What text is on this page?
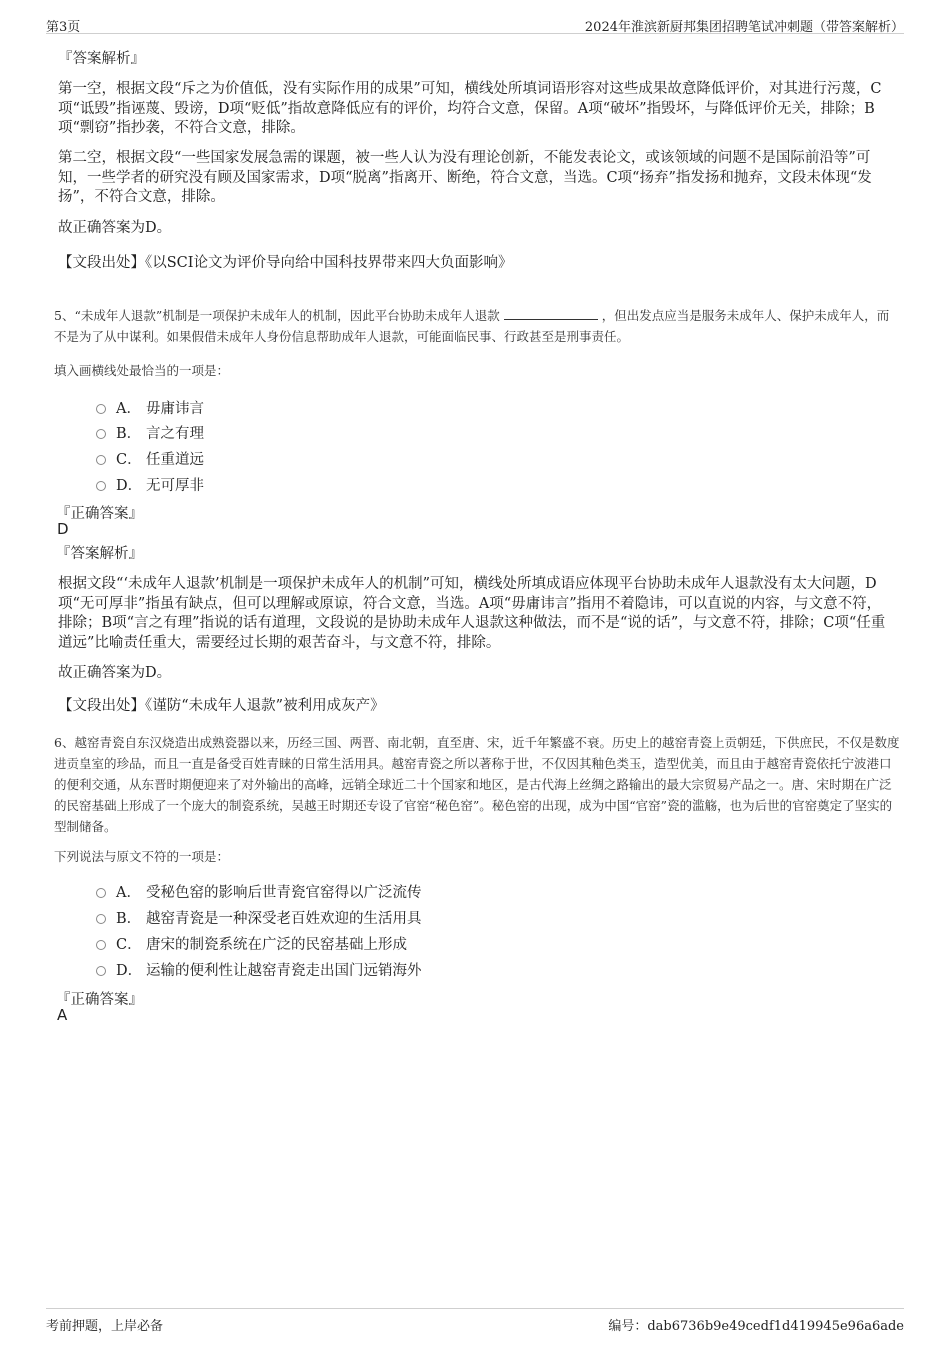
第3页	2024年淮滨新厨邦集团招聘笔试冲刺题（带答案解析）
『答案解析』
第一空，根据文段“斥之为价值低，没有实际作用的成果”可知，横线处所填词语形容对这些成果故意降低评价，对其进行污蔑，C项“诋毁”指诬蔑、毁谤，D项“贬低”指故意降低应有的评价，均符合文意，保留。A项“破坏”指毁坏，与降低评价无关，排除；B项“剽窃”指抄袭，不符合文意，排除。
第二空，根据文段“一些国家发展急需的课题，被一些人认为没有理论创新，不能发表论文，或该领域的问题不是国际前沿等”可知，一些学者的研究没有顾及国家需求，D项“脱离”指离开、断绝，符合文意，当选。C项“扬弃”指发扬和抛弃，文段未体现“发扬”，不符合文意，排除。
故正确答案为D。
【文段出处】《以SCI论文为评价导向给中国科技界带来四大负面影响》
5、“未成年人退款”机制是一项保护未成年人的机制，因此平台协助未成年人退款	，但出发点应当是服务未成年人、保护未成年人，而不是为了从中谋利。如果假借未成年人身份信息帮助成年人退款，可能面临民事、行政甚至是刑事责任。
填入画横线处最恰当的一项是：
A． 毋庸讳言
B． 言之有理
C． 任重道远
D． 无可厚非
『正确答案』
D
『答案解析』
根据文段“‘未成年人退款’机制是一项保护未成年人的机制”可知，横线处所填成语应体现平台协助未成年人退款没有太大问题，D项“无可厚非”指虽有缺点，但可以理解或原谅，符合文意，当选。A项“毋庸讳言”指用不着隐讳，可以直说的内容，与文意不符，排除；B项“言之有理”指说的话有道理，文段说的是协助未成年人退款这种做法，而不是“说的话”，与文意不符，排除；C项“任重道远”比喻责任重大，需要经过长期的艰苦奋斗，与文意不符，排除。
故正确答案为D。
【文段出处】《谨防“未成年人退款”被利用成灰产》
6、越窑青瓷自东汉烧造出成熟瓷器以来，历经三国、两晋、南北朝，直至唐、宋，近千年繁盛不衰。历史上的越窑青瓷上贡朝廷，下供庶民，不仅是数度进贡皇室的珍品，而且一直是备受百姓青睐的日常生活用具。越窑青瓷之所以著称于世，不仅因其釉色类玉，造型优美，而且由于越窑青瓷依托宁波港口的便利交通，从东晋时期便迎来了对外输出的高峰，远销全球近二十个国家和地区，是古代海上丝绸之路输出的最大宗贸易产品之一。唐、宋时期在广泛的民窑基础上形成了一个庞大的制瓷系统，吴越王时期还专设了官窑“秘色窑”。秘色窑的出现，成为中国“官窑”瓷的滥觞，也为后世的官窑奠定了坚实的型制储备。
下列说法与原文不符的一项是：
A． 受秘色窑的影响后世青瓷官窑得以广泛流传
B． 越窑青瓷是一种深受老百姓欢迎的生活用具
C． 唐宋的制瓷系统在广泛的民窑基础上形成
D． 运输的便利性让越窑青瓷走出国门远销海外
『正确答案』
A
考前押题，上岸必备	编号：dab6736b9e49cedf1d419945e96a6ade
